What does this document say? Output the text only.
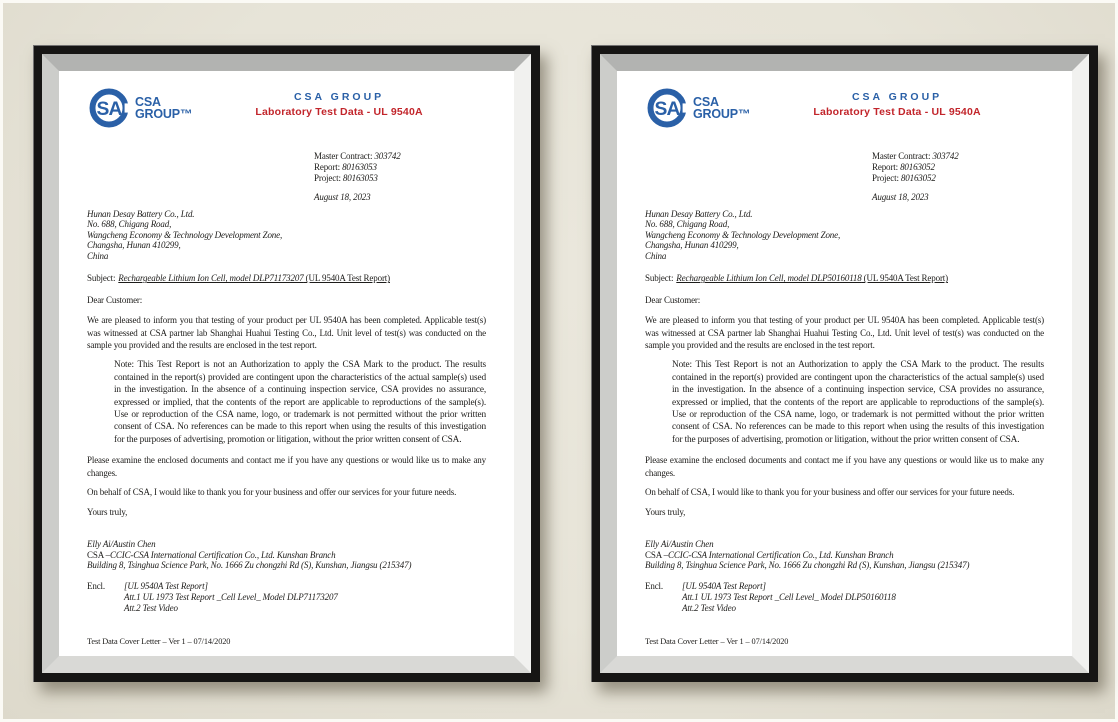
SA CSA
GROUP™
CSA GROUP
Laboratory Test Data - UL 9540A
Master Contract: 303742
Report: 80163053
Project: 80163053
August 18, 2023
Hunan Desay Battery Co., Ltd.
No. 688, Chigang Road,
Wangcheng Economy & Technology Development Zone,
Changsha, Hunan 410299,
China
Subject: Rechargeable Lithium Ion Cell, model DLP71173207 (UL 9540A Test Report)
Dear Customer:
We are pleased to inform you that testing of your product per UL 9540A has been completed. Applicable test(s) was witnessed at CSA partner lab Shanghai Huahui Testing Co., Ltd. Unit level of test(s) was conducted on the sample you provided and the results are enclosed in the test report.
Note: This Test Report is not an Authorization to apply the CSA Mark to the product. The results contained in the report(s) provided are contingent upon the characteristics of the actual sample(s) used in the investigation. In the absence of a continuing inspection service, CSA provides no assurance, expressed or implied, that the contents of the report are applicable to reproductions of the sample(s). Use or reproduction of the CSA name, logo, or trademark is not permitted without the prior written consent of CSA. No references can be made to this report when using the results of this investigation for the purposes of advertising, promotion or litigation, without the prior written consent of CSA.
Please examine the enclosed documents and contact me if you have any questions or would like us to make any changes.
On behalf of CSA, I would like to thank you for your business and offer our services for your future needs.
Yours truly,
Elly Ai/Austin Chen
CSA –CCIC-CSA International Certification Co., Ltd. Kunshan Branch
Building 8, Tsinghua Science Park, No. 1666 Zu chongzhi Rd (S), Kunshan, Jiangsu (215347)
Encl.	[UL 9540A Test Report]
Att.1 UL 1973 Test Report _Cell Level_ Model DLP71173207
Att.2 Test Video
Test Data Cover Letter – Ver 1 – 07/14/2020
SA CSA
GROUP™
CSA GROUP
Laboratory Test Data - UL 9540A
Master Contract: 303742
Report: 80163052
Project: 80163052
August 18, 2023
Hunan Desay Battery Co., Ltd.
No. 688, Chigang Road,
Wangcheng Economy & Technology Development Zone,
Changsha, Hunan 410299,
China
Subject: Rechargeable Lithium Ion Cell, model DLP50160118 (UL 9540A Test Report)
Dear Customer:
We are pleased to inform you that testing of your product per UL 9540A has been completed. Applicable test(s) was witnessed at CSA partner lab Shanghai Huahui Testing Co., Ltd. Unit level of test(s) was conducted on the sample you provided and the results are enclosed in the test report.
Note: This Test Report is not an Authorization to apply the CSA Mark to the product. The results contained in the report(s) provided are contingent upon the characteristics of the actual sample(s) used in the investigation. In the absence of a continuing inspection service, CSA provides no assurance, expressed or implied, that the contents of the report are applicable to reproductions of the sample(s). Use or reproduction of the CSA name, logo, or trademark is not permitted without the prior written consent of CSA. No references can be made to this report when using the results of this investigation for the purposes of advertising, promotion or litigation, without the prior written consent of CSA.
Please examine the enclosed documents and contact me if you have any questions or would like us to make any changes.
On behalf of CSA, I would like to thank you for your business and offer our services for your future needs.
Yours truly,
Elly Ai/Austin Chen
CSA –CCIC-CSA International Certification Co., Ltd. Kunshan Branch
Building 8, Tsinghua Science Park, No. 1666 Zu chongzhi Rd (S), Kunshan, Jiangsu (215347)
Encl.	[UL 9540A Test Report]
Att.1 UL 1973 Test Report _Cell Level_ Model DLP50160118
Att.2 Test Video
Test Data Cover Letter – Ver 1 – 07/14/2020
